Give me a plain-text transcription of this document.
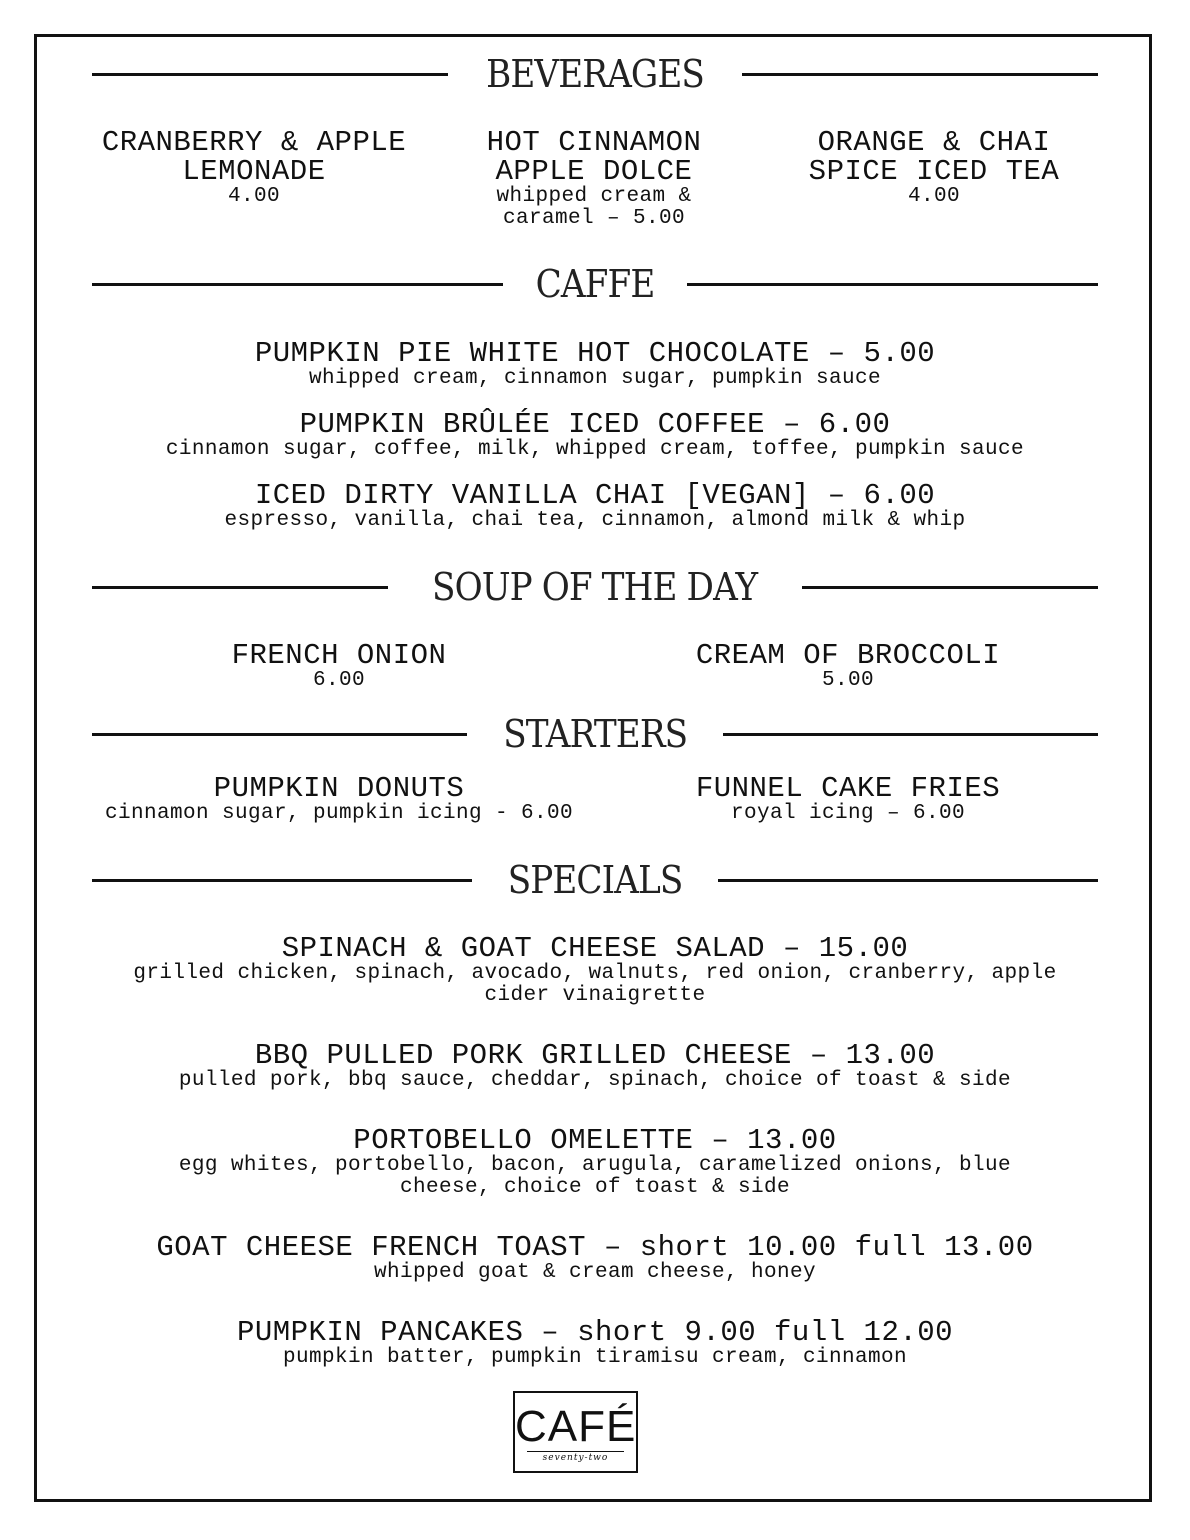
BEVERAGES
CRANBERRY & APPLE LEMONADE
4.00
HOT CINNAMON APPLE DOLCE
whipped cream & caramel – 5.00
ORANGE & CHAI SPICE ICED TEA
4.00
CAFFE
PUMPKIN PIE WHITE HOT CHOCOLATE – 5.00
whipped cream, cinnamon sugar, pumpkin sauce
PUMPKIN BRÛLÉE ICED COFFEE – 6.00
cinnamon sugar, coffee, milk, whipped cream, toffee, pumpkin sauce
ICED DIRTY VANILLA CHAI [VEGAN] – 6.00
espresso, vanilla, chai tea, cinnamon, almond milk & whip
SOUP OF THE DAY
FRENCH ONION
6.00
CREAM OF BROCCOLI
5.00
STARTERS
PUMPKIN DONUTS
cinnamon sugar, pumpkin icing - 6.00
FUNNEL CAKE FRIES
royal icing – 6.00
SPECIALS
SPINACH & GOAT CHEESE SALAD – 15.00
grilled chicken, spinach, avocado, walnuts, red onion, cranberry, apple cider vinaigrette
BBQ PULLED PORK GRILLED CHEESE – 13.00
pulled pork, bbq sauce, cheddar, spinach, choice of toast & side
PORTOBELLO OMELETTE – 13.00
egg whites, portobello, bacon, arugula, caramelized onions, blue cheese, choice of toast & side
GOAT CHEESE FRENCH TOAST – short 10.00 full 13.00
whipped goat & cream cheese, honey
PUMPKIN PANCAKES – short 9.00 full 12.00
pumpkin batter, pumpkin tiramisu cream, cinnamon
CAFÉ
seventy-two
